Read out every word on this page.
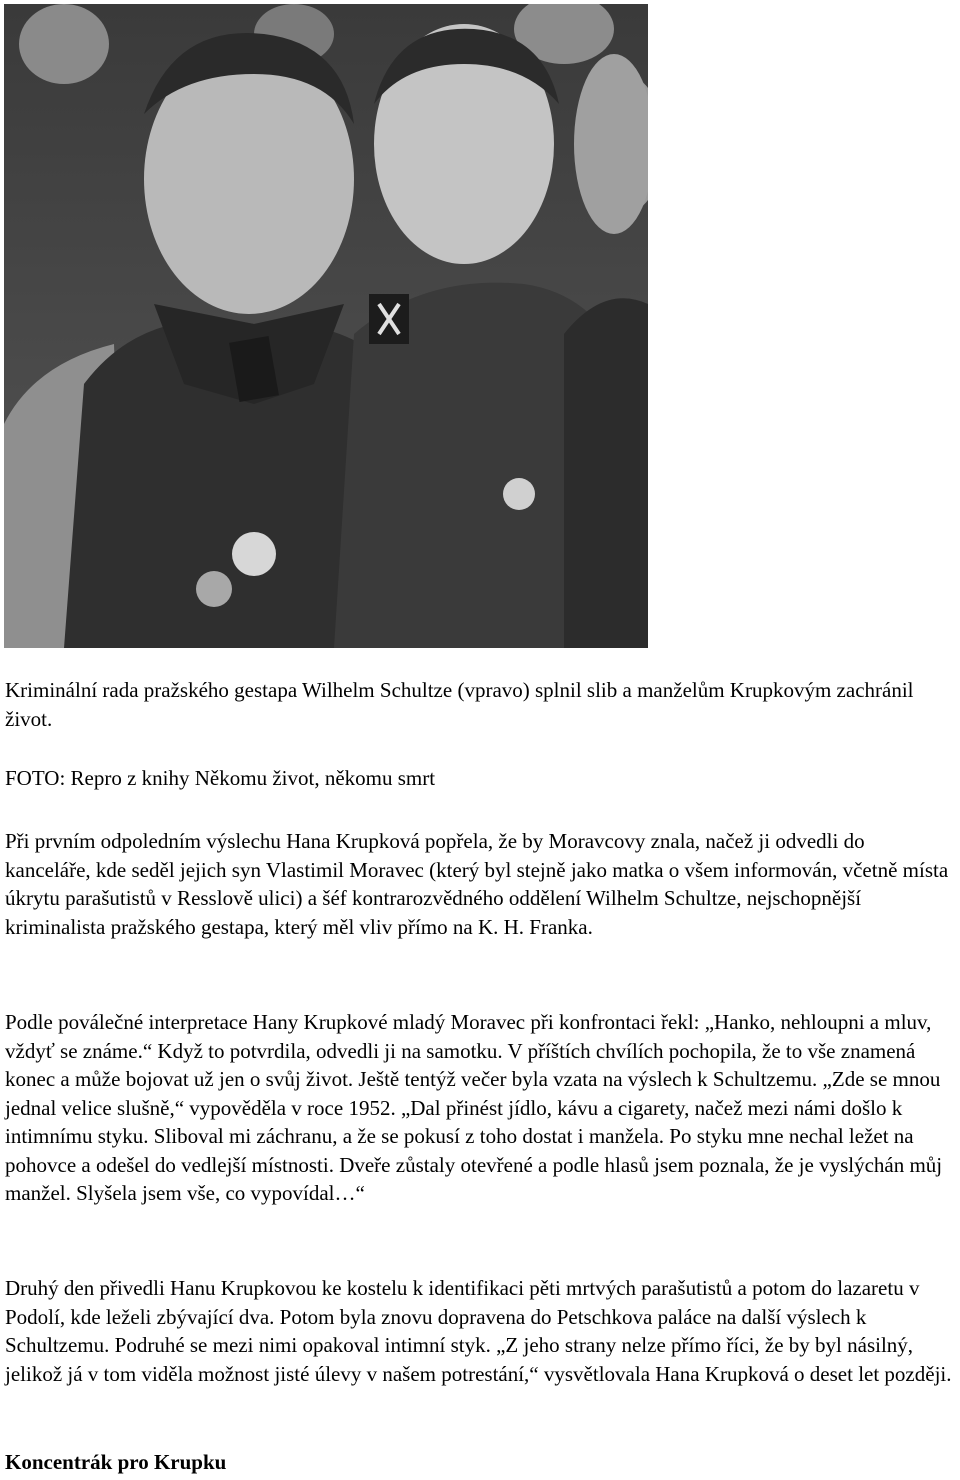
Kriminální rada pražského gestapa Wilhelm Schultze (vpravo) splnil slib a manželům Krupkovým zachránil život.

FOTO: Repro z knihy Někomu život, někomu smrt

Při prvním odpoledním výslechu Hana Krupková popřela, že by Moravcovy znala, načež ji odvedli do kanceláře, kde seděl jejich syn Vlastimil Moravec (který byl stejně jako matka o všem informován, včetně místa úkrytu parašutistů v Resslově ulici) a šéf kontrarozvědného oddělení Wilhelm Schultze, nejschopnější kriminalista pražského gestapa, který měl vliv přímo na K. H. Franka.

Podle poválečné interpretace Hany Krupkové mladý Moravec při konfrontaci řekl: „Hanko, nehloupni a mluv, vždyť se známe.“ Když to potvrdila, odvedli ji na samotku. V příštích chvílích pochopila, že to vše znamená konec a může bojovat už jen o svůj život. Ještě tentýž večer byla vzata na výslech k Schultzemu. „Zde se mnou jednal velice slušně,“ vypověděla v roce 1952. „Dal přinést jídlo, kávu a cigarety, načež mezi námi došlo k intimnímu styku. Sliboval mi záchranu, a že se pokusí z toho dostat i manžela. Po styku mne nechal ležet na pohovce a odešel do vedlejší místnosti. Dveře zůstaly otevřené a podle hlasů jsem poznala, že je vyslýchán můj manžel. Slyšela jsem vše, co vypovídal…“

Druhý den přivedli Hanu Krupkovou ke kostelu k identifikaci pěti mrtvých parašutistů a potom do lazaretu v Podolí, kde leželi zbývající dva. Potom byla znovu dopravena do Petschkova paláce na další výslech k Schultzemu. Podruhé se mezi nimi opakoval intimní styk. „Z jeho strany nelze přímo říci, že by byl násilný, jelikož já v tom viděla možnost jisté úlevy v našem potrestání,“ vysvětlovala Hana Krupková o deset let později.

Koncentrák pro Krupku
